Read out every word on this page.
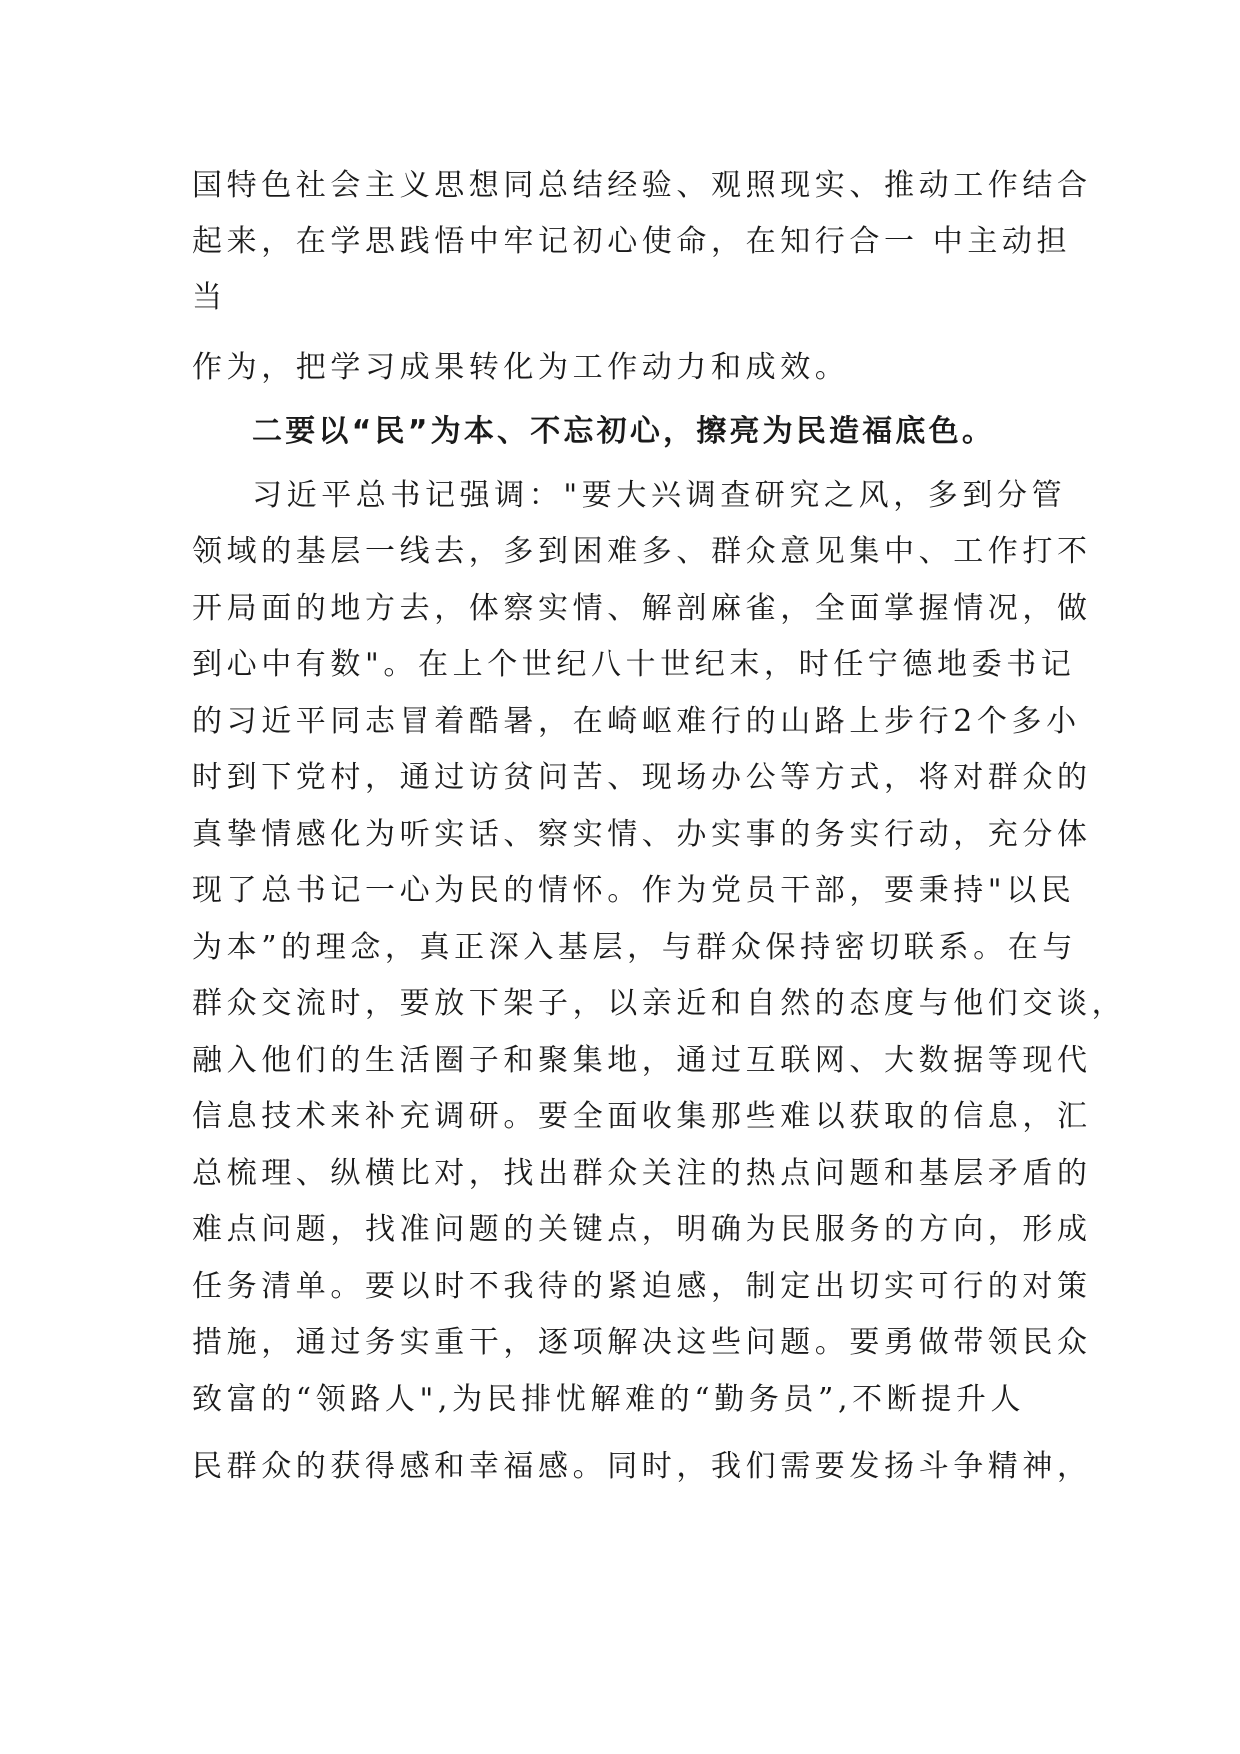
国特色社会主义思想同总结经验、观照现实、推动工作结合
起来，在学思践悟中牢记初心使命，在知行合一 中主动担
当
作为，把学习成果转化为工作动力和成效。
二要以“民”为本、不忘初心，擦亮为民造福底色。
习近平总书记强调："要大兴调查研究之风，多到分管
领域的基层一线去，多到困难多、群众意见集中、工作打不
开局面的地方去，体察实情、解剖麻雀，全面掌握情况，做
到心中有数"。在上个世纪八十世纪末，时任宁德地委书记
的习近平同志冒着酷暑，在崎岖难行的山路上步行2个多小
时到下党村，通过访贫问苦、现场办公等方式，将对群众的
真挚情感化为听实话、察实情、办实事的务实行动，充分体
现了总书记一心为民的情怀。作为党员干部，要秉持"以民
为本”的理念，真正深入基层，与群众保持密切联系。在与
群众交流时，要放下架子，以亲近和自然的态度与他们交谈，
融入他们的生活圈子和聚集地，通过互联网、大数据等现代
信息技术来补充调研。要全面收集那些难以获取的信息，汇
总梳理、纵横比对，找出群众关注的热点问题和基层矛盾的
难点问题，找准问题的关键点，明确为民服务的方向，形成
任务清单。要以时不我待的紧迫感，制定出切实可行的对策
措施，通过务实重干，逐项解决这些问题。要勇做带领民众
致富的“领路人",为民排忧解难的“勤务员”,不断提升人
民群众的获得感和幸福感。同时，我们需要发扬斗争精神，
